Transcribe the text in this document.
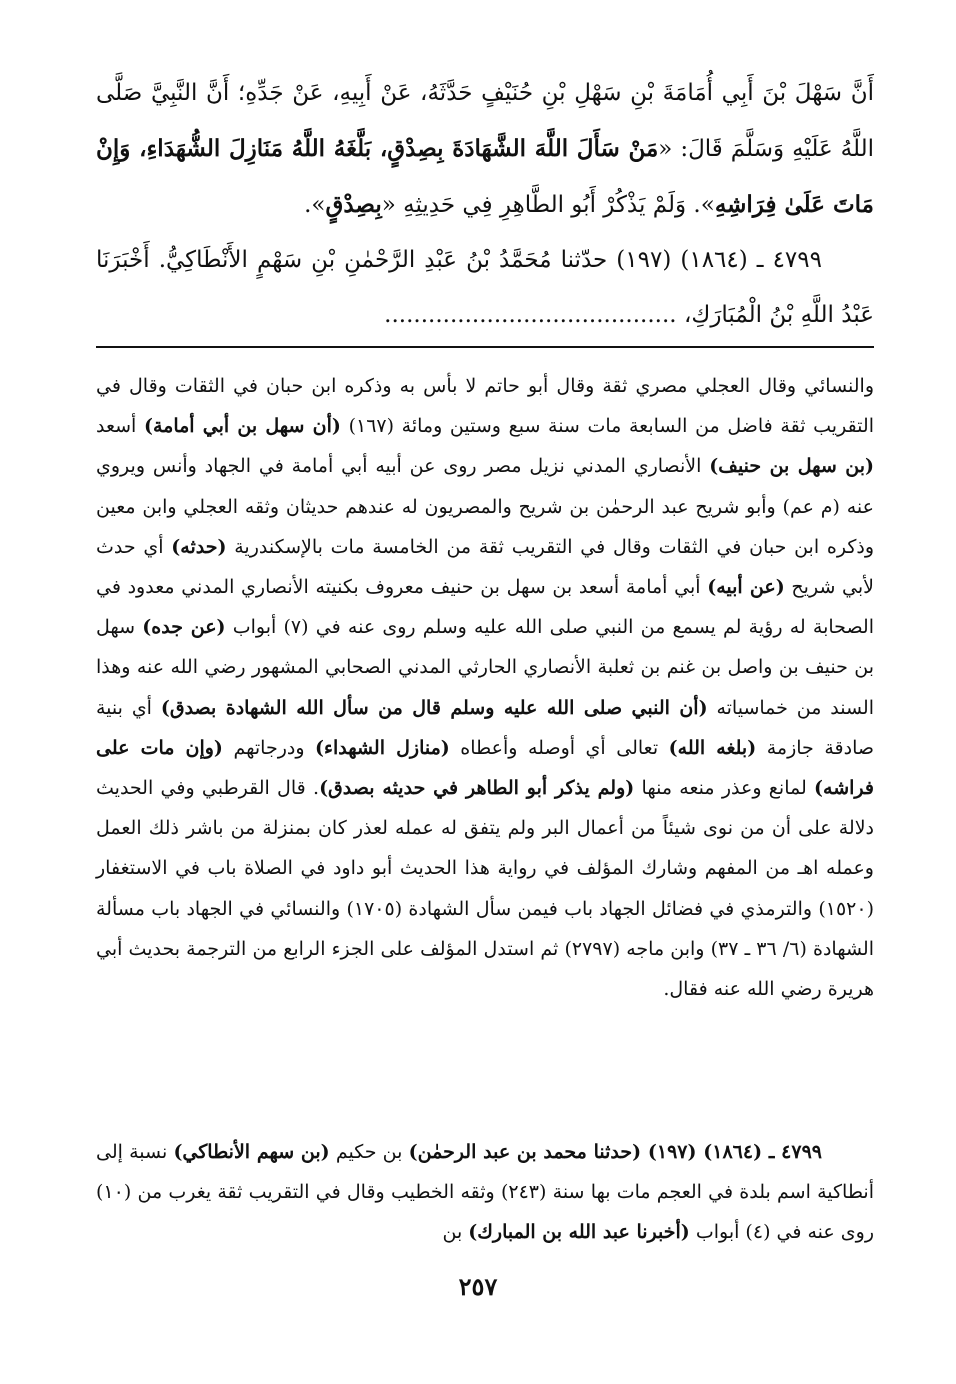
أَنَّ سَهْلَ بْنَ أَبِي أُمَامَةَ بْنِ سَهْلِ بْنِ حُنَيْفٍ حَدَّثَهُ، عَنْ أَبِيهِ، عَنْ جَدِّهِ؛ أَنَّ النَّبِيَّ صَلَّى اللَّهُ عَلَيْهِ وَسَلَّمَ قَالَ: «مَنْ سَأَلَ اللَّهَ الشَّهَادَةَ بِصِدْقٍ، بَلَّغَهُ اللَّهُ مَنَازِلَ الشُّهَدَاءِ، وَإِنْ مَاتَ عَلَىٰ فِرَاشِهِ». وَلَمْ يَذْكُرْ أَبُو الطَّاهِرِ فِي حَدِيثِهِ «بِصِدْقٍ».

٤٧٩٩ ـ (١٨٦٤) (١٩٧) حدّثنا مُحَمَّدُ بْنُ عَبْدِ الرَّحْمٰنِ بْنِ سَهْمٍ الأَنْطَاكِيُّ. أَخْبَرَنَا عَبْدُ اللَّهِ بْنُ الْمُبَارَكِ، ........................................

والنسائي وقال العجلي مصري ثقة وقال أبو حاتم لا بأس به وذكره ابن حبان في الثقات وقال في التقريب ثقة فاضل من السابعة مات سنة سبع وستين ومائة (١٦٧) (أن سهل بن أبي أمامة) أسعد (بن سهل بن حنيف) الأنصاري المدني نزيل مصر روى عن أبيه أبي أمامة في الجهاد وأنس ويروي عنه (م عم) وأبو شريح عبد الرحمٰن بن شريح والمصريون له عندهم حديثان وثقه العجلي وابن معين وذكره ابن حبان في الثقات وقال في التقريب ثقة من الخامسة مات بالإسكندرية (حدثه) أي حدث لأبي شريح (عن أبيه) أبي أمامة أسعد بن سهل بن حنيف معروف بكنيته الأنصاري المدني معدود في الصحابة له رؤية لم يسمع من النبي صلى الله عليه وسلم روى عنه في (٧) أبواب (عن جده) سهل بن حنيف بن واصل بن غنم بن ثعلبة الأنصاري الحارثي المدني الصحابي المشهور رضي الله عنه وهذا السند من خماسياته (أن النبي صلى الله عليه وسلم قال من سأل الله الشهادة بصدق) أي بنية صادقة جازمة (بلغه الله) تعالى أي أوصله وأعطاه (منازل الشهداء) ودرجاتهم (وإن مات على فراشه) لمانع وعذر منعه منها (ولم يذكر أبو الطاهر في حديثه بصدق). قال القرطبي وفي الحديث دلالة على أن من نوى شيئاً من أعمال البر ولم يتفق له عمله لعذر كان بمنزلة من باشر ذلك العمل وعمله اهـ من المفهم وشارك المؤلف في رواية هذا الحديث أبو داود في الصلاة باب في الاستغفار (١٥٢٠) والترمذي في فضائل الجهاد باب فيمن سأل الشهادة (١٧٠٥) والنسائي في الجهاد باب مسألة الشهادة (٦/ ٣٦ ـ ٣٧) وابن ماجه (٢٧٩٧) ثم استدل المؤلف على الجزء الرابع من الترجمة بحديث أبي هريرة رضي الله عنه فقال.

٤٧٩٩ ـ (١٨٦٤) (١٩٧) (حدثنا محمد بن عبد الرحمٰن) بن حكيم (بن سهم الأنطاكي) نسبة إلى أنطاكية اسم بلدة في العجم مات بها سنة (٢٤٣) وثقه الخطيب وقال في التقريب ثقة يغرب من (١٠) روى عنه في (٤) أبواب (أخبرنا عبد الله بن المبارك) بن

٢٥٧
